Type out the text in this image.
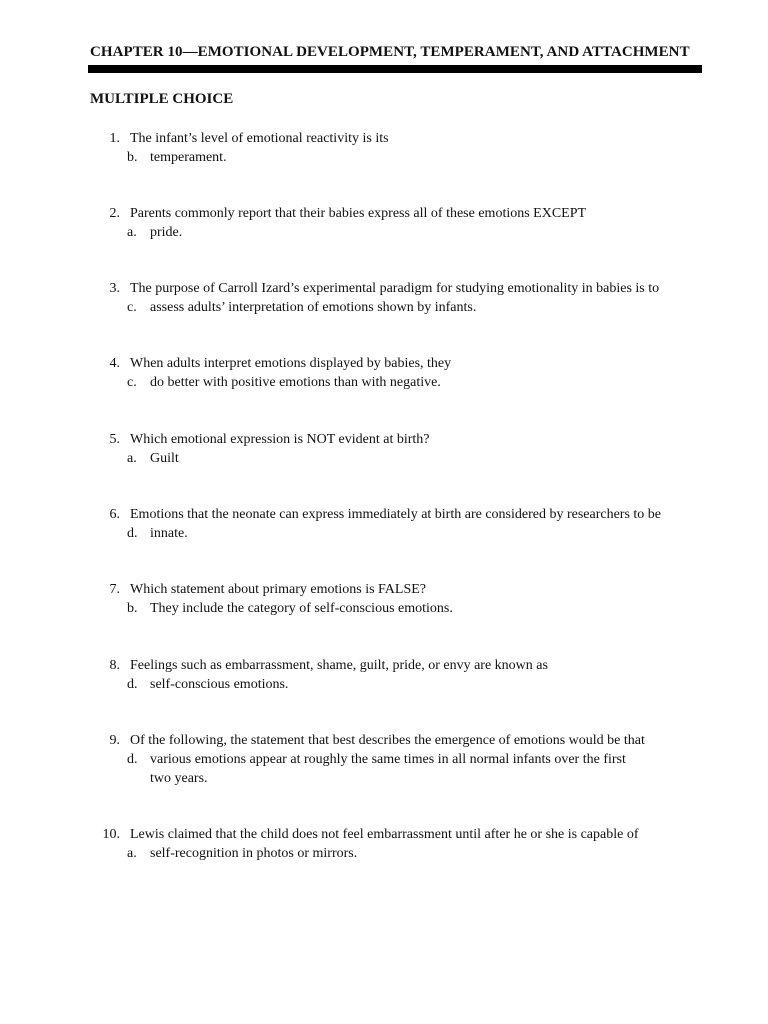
CHAPTER 10—EMOTIONAL DEVELOPMENT, TEMPERAMENT, AND ATTACHMENT
MULTIPLE CHOICE
1. The infant’s level of emotional reactivity is its
b. temperament.
2. Parents commonly report that their babies express all of these emotions EXCEPT
a. pride.
3. The purpose of Carroll Izard’s experimental paradigm for studying emotionality in babies is to
c. assess adults’ interpretation of emotions shown by infants.
4. When adults interpret emotions displayed by babies, they
c. do better with positive emotions than with negative.
5. Which emotional expression is NOT evident at birth?
a. Guilt
6. Emotions that the neonate can express immediately at birth are considered by researchers to be
d. innate.
7. Which statement about primary emotions is FALSE?
b. They include the category of self-conscious emotions.
8. Feelings such as embarrassment, shame, guilt, pride, or envy are known as
d. self-conscious emotions.
9. Of the following, the statement that best describes the emergence of emotions would be that
d. various emotions appear at roughly the same times in all normal infants over the first two years.
10. Lewis claimed that the child does not feel embarrassment until after he or she is capable of
a. self-recognition in photos or mirrors.
